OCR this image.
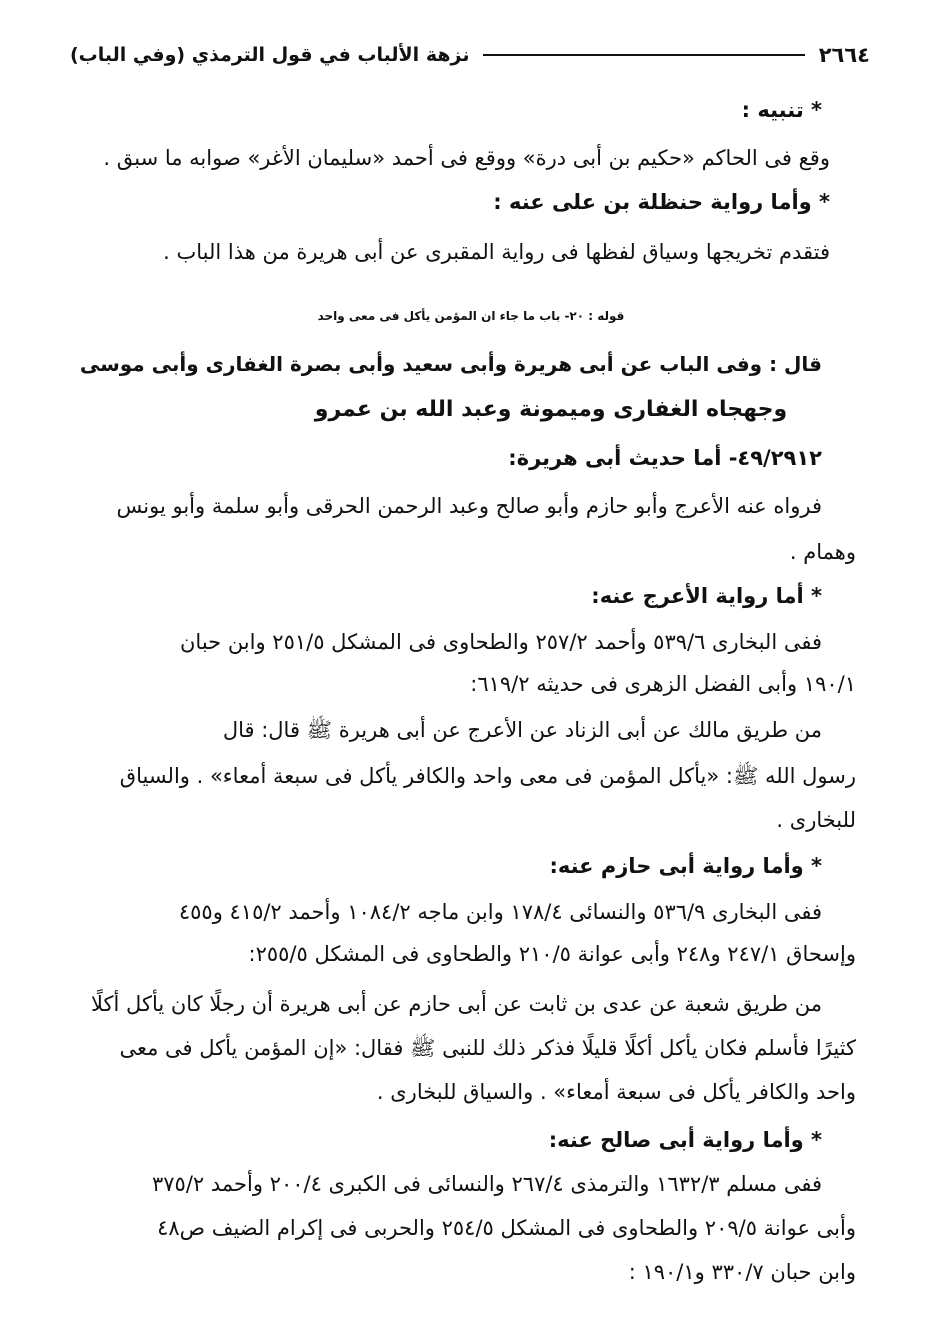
٢٦٦٤
نزهة الألباب في قول الترمذي (وفي الباب)
* تنبيه :
وقع فى الحاكم «حكيم بن أبى درة» ووقع فى أحمد «سليمان الأغر» صوابه ما سبق .
* وأما رواية حنظلة بن على عنه :
فتقدم تخريجها وسياق لفظها فى رواية المقبرى عن أبى هريرة من هذا الباب .
قوله : ٢٠- باب ما جاء ان المؤمن يأكل فى معى واحد
قال : وفى الباب عن أبى هريرة وأبى سعيد وأبى بصرة الغفارى وأبى موسى
وجهجاه الغفارى وميمونة وعبد الله بن عمرو
٤٩/٢٩١٢- أما حديث أبى هريرة:
فرواه عنه الأعرج وأبو حازم وأبو صالح وعبد الرحمن الحرقى وأبو سلمة وأبو يونس
وهمام .
* أما رواية الأعرج عنه:
ففى البخارى ٥٣٩/٦ وأحمد ٢٥٧/٢ والطحاوى فى المشكل ٢٥١/٥ وابن حبان
١٩٠/١ وأبى الفضل الزهرى فى حديثه ٦١٩/٢:
من طريق مالك عن أبى الزناد عن الأعرج عن أبى هريرة ﷺ قال: قال
رسول الله ﷺ: «يأكل المؤمن فى معى واحد والكافر يأكل فى سبعة أمعاء» . والسياق
للبخارى .
* وأما رواية أبى حازم عنه:
ففى البخارى ٥٣٦/٩ والنسائى ١٧٨/٤ وابن ماجه ١٠٨٤/٢ وأحمد ٤١٥/٢ و٤٥٥
وإسحاق ٢٤٧/١ و٢٤٨ وأبى عوانة ٢١٠/٥ والطحاوى فى المشكل ٢٥٥/٥:
من طريق شعبة عن عدى بن ثابت عن أبى حازم عن أبى هريرة أن رجلًا كان يأكل أكلًا
كثيرًا فأسلم فكان يأكل أكلًا قليلًا فذكر ذلك للنبى ﷺ فقال: «إن المؤمن يأكل فى معى
واحد والكافر يأكل فى سبعة أمعاء» . والسياق للبخارى .
* وأما رواية أبى صالح عنه:
ففى مسلم ١٦٣٢/٣ والترمذى ٢٦٧/٤ والنسائى فى الكبرى ٢٠٠/٤ وأحمد ٣٧٥/٢
وأبى عوانة ٢٠٩/٥ والطحاوى فى المشكل ٢٥٤/٥ والحربى فى إكرام الضيف ص٤٨
وابن حبان ٣٣٠/٧ و١٩٠/١ :
